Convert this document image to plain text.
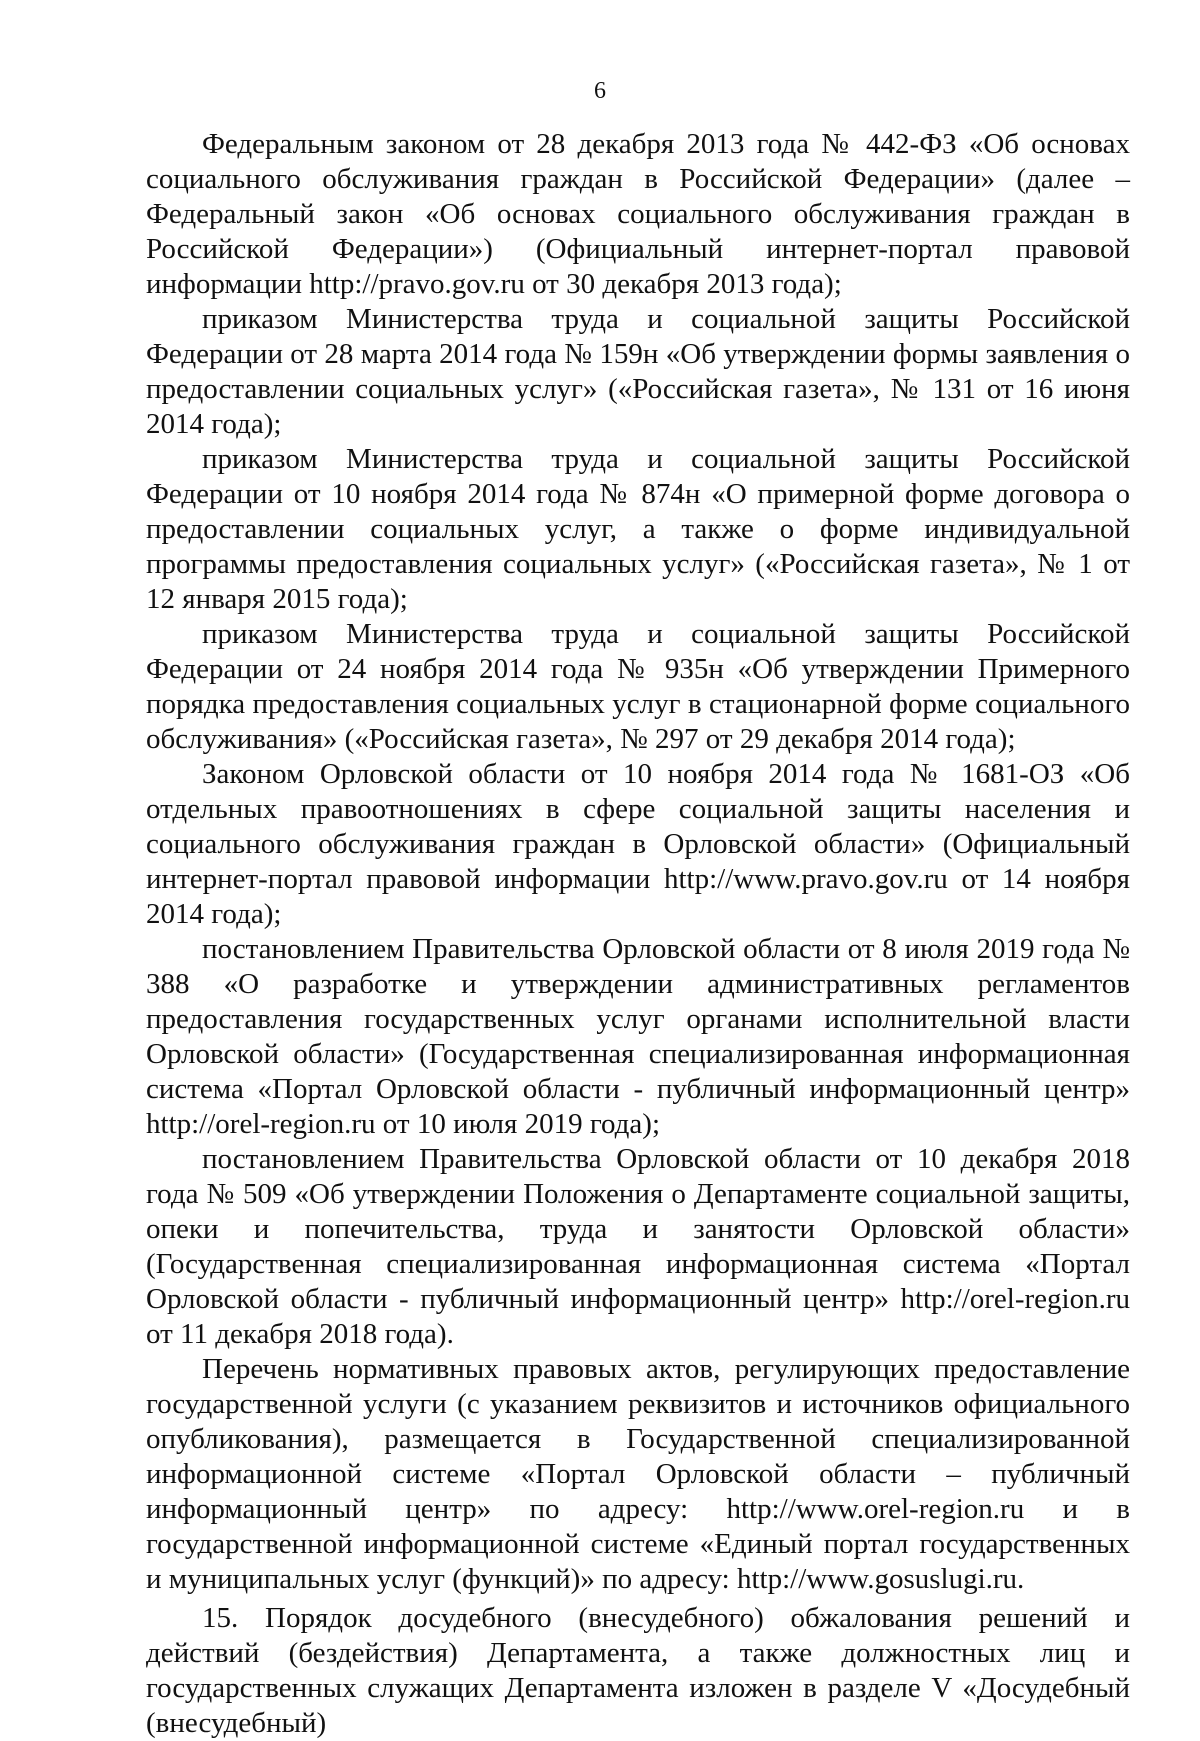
6

Федеральным законом от 28 декабря 2013 года № 442-ФЗ «Об основах социального обслуживания граждан в Российской Федерации» (далее – Федеральный закон «Об основах социального обслуживания граждан в Российской Федерации») (Официальный интернет-портал правовой информации http://pravo.gov.ru от 30 декабря 2013 года);

приказом Министерства труда и социальной защиты Российской Федерации от 28 марта 2014 года № 159н «Об утверждении формы заявления о предоставлении социальных услуг» («Российская газета», № 131 от 16 июня 2014 года);

приказом Министерства труда и социальной защиты Российской Федерации от 10 ноября 2014 года № 874н «О примерной форме договора о предоставлении социальных услуг, а также о форме индивидуальной программы предоставления социальных услуг» («Российская газета», № 1 от 12 января 2015 года);

приказом Министерства труда и социальной защиты Российской Федерации от 24 ноября 2014 года № 935н «Об утверждении Примерного порядка предоставления социальных услуг в стационарной форме социального обслуживания» («Российская газета», № 297 от 29 декабря 2014 года);

Законом Орловской области от 10 ноября 2014 года № 1681-ОЗ «Об отдельных правоотношениях в сфере социальной защиты населения и социального обслуживания граждан в Орловской области» (Официальный интернет-портал правовой информации http://www.pravo.gov.ru от 14 ноября 2014 года);

постановлением Правительства Орловской области от 8 июля 2019 года № 388 «О разработке и утверждении административных регламентов предоставления государственных услуг органами исполнительной власти Орловской области» (Государственная специализированная информационная система «Портал Орловской области - публичный информационный центр» http://orel-region.ru от 10 июля 2019 года);

постановлением Правительства Орловской области от 10 декабря 2018 года № 509 «Об утверждении Положения о Департаменте социальной защиты, опеки и попечительства, труда и занятости Орловской области» (Государственная специализированная информационная система «Портал Орловской области - публичный информационный центр» http://orel-region.ru от 11 декабря 2018 года).

Перечень нормативных правовых актов, регулирующих предоставление государственной услуги (с указанием реквизитов и источников официального опубликования), размещается в Государственной специализированной информационной системе «Портал Орловской области – публичный информационный центр» по адресу: http://www.orel-region.ru и в государственной информационной системе «Единый портал государственных и муниципальных услуг (функций)» по адресу: http://www.gosuslugi.ru.

15. Порядок досудебного (внесудебного) обжалования решений и действий (бездействия) Департамента, а также должностных лиц и государственных служащих Департамента изложен в разделе V «Досудебный (внесудебный)
